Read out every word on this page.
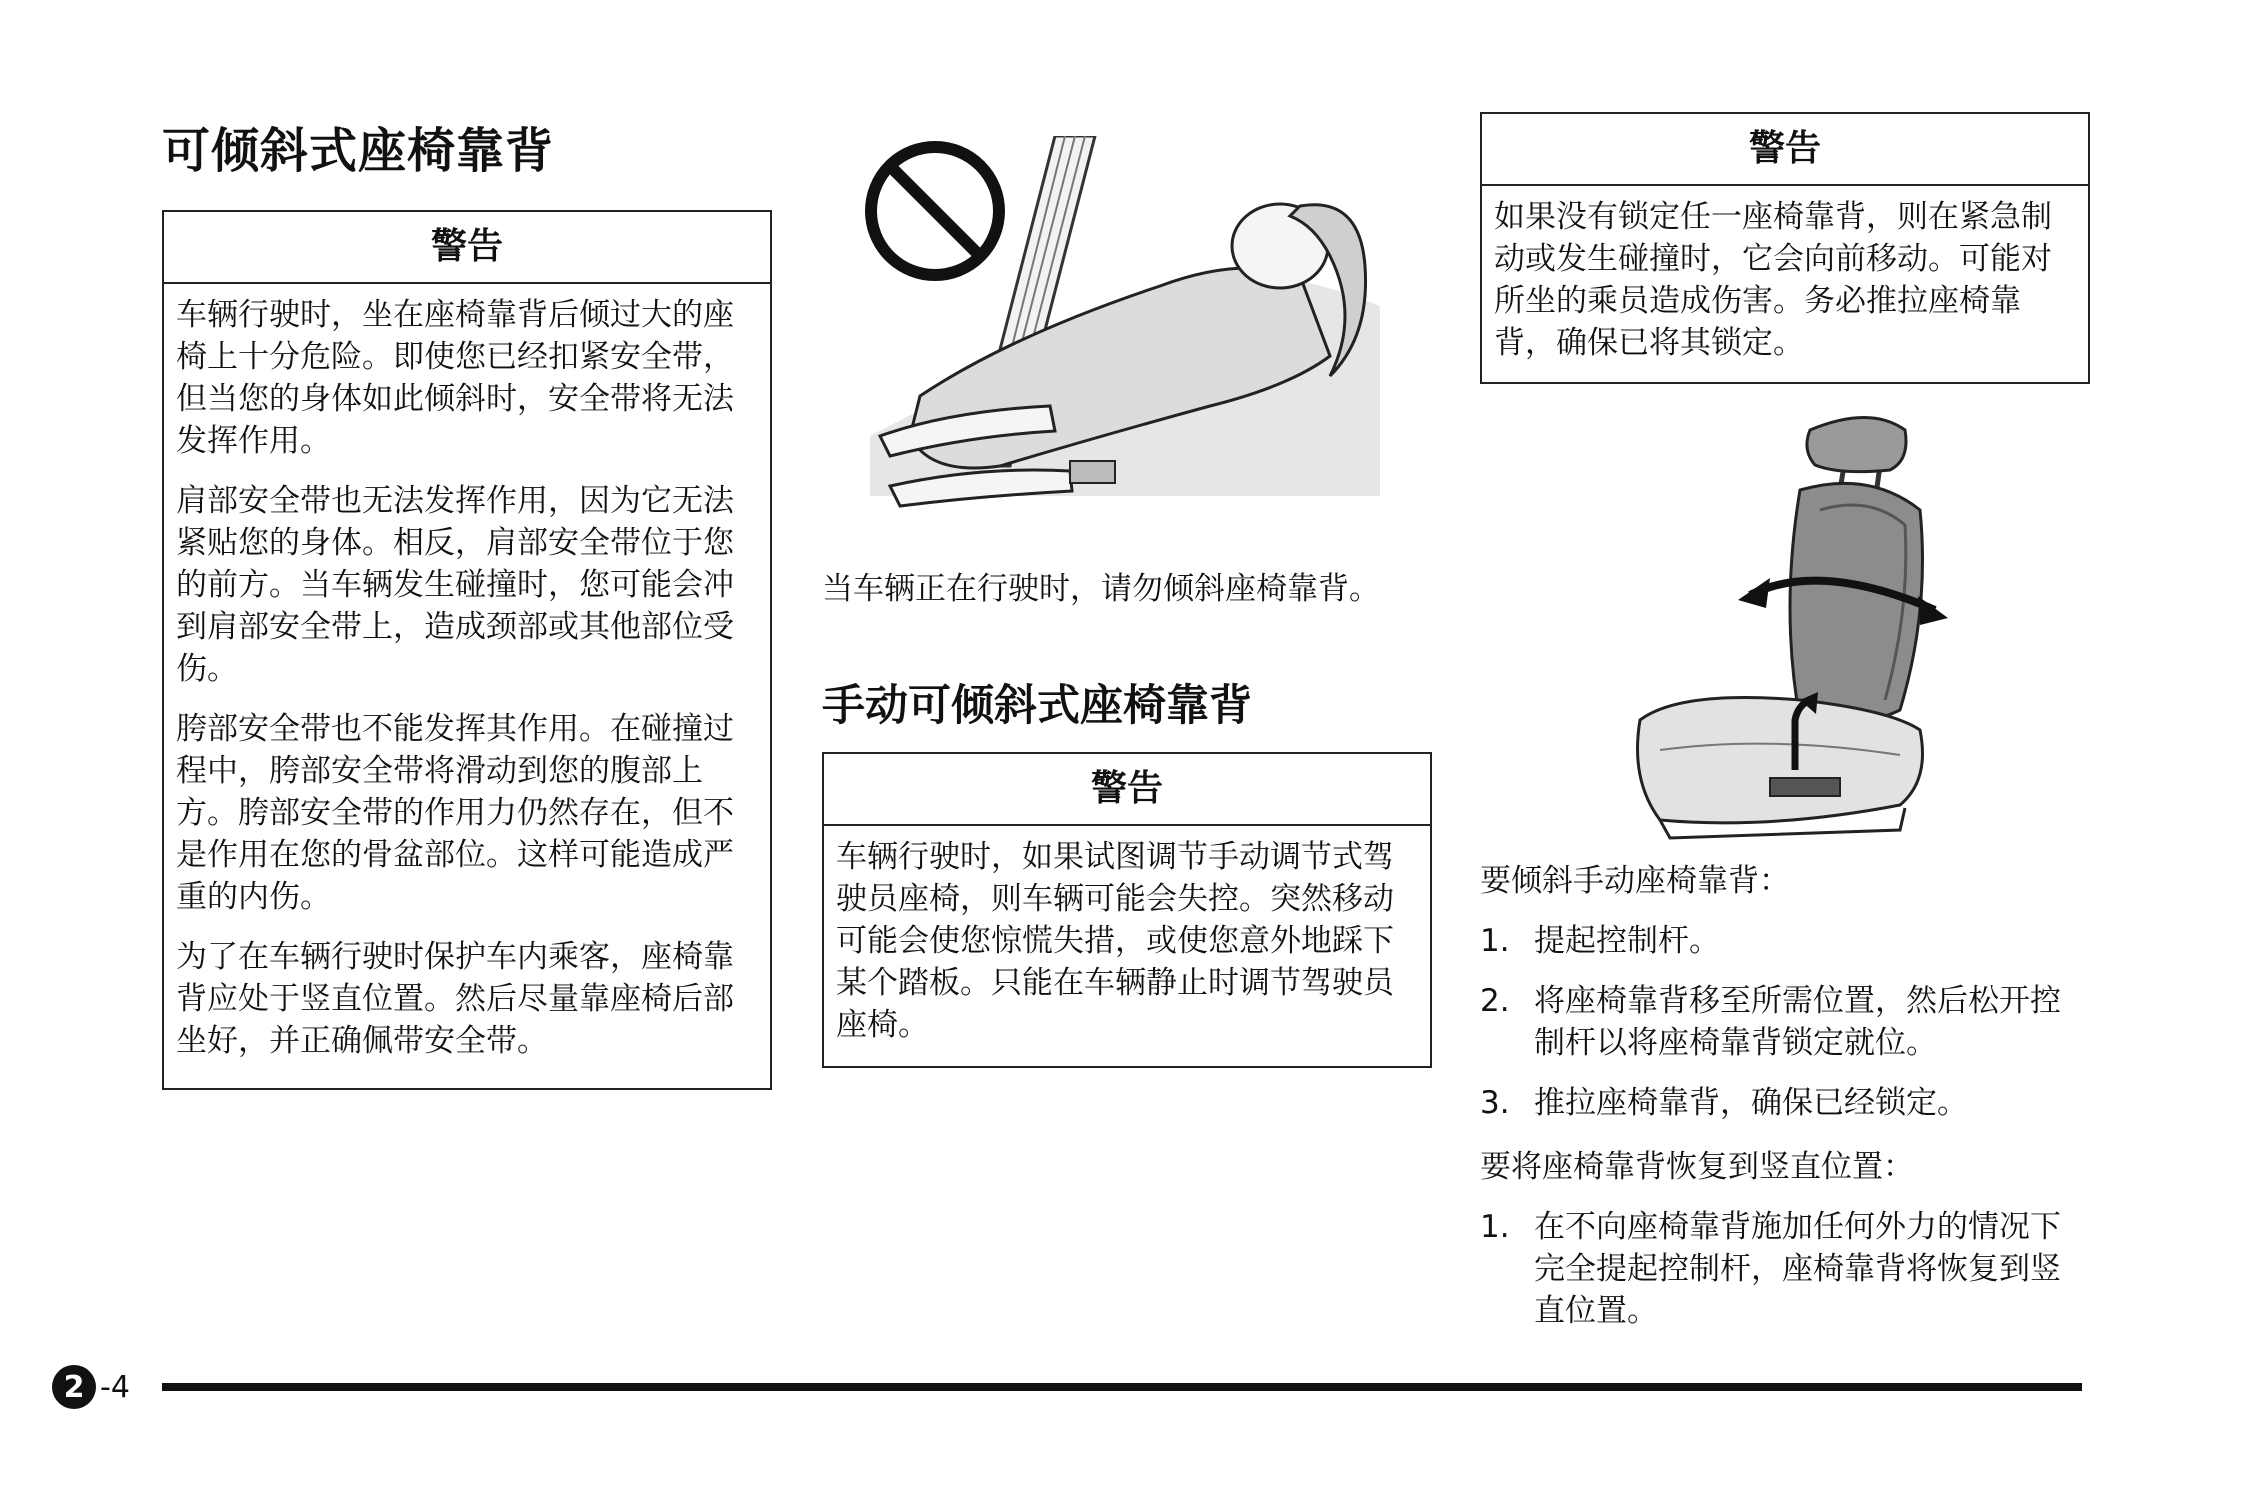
可倾斜式座椅靠背
警告

车辆行驶时，坐在座椅靠背后倾过大的座椅上十分危险。即使您已经扣紧安全带，但当您的身体如此倾斜时，安全带将无法发挥作用。

肩部安全带也无法发挥作用，因为它无法紧贴您的身体。相反，肩部安全带位于您的前方。当车辆发生碰撞时，您可能会冲到肩部安全带上，造成颈部或其他部位受伤。

胯部安全带也不能发挥其作用。在碰撞过程中，胯部安全带将滑动到您的腹部上方。胯部安全带的作用力仍然存在，但不是作用在您的骨盆部位。这样可能造成严重的内伤。

为了在车辆行驶时保护车内乘客，座椅靠背应处于竖直位置。然后尽量靠座椅后部坐好，并正确佩带安全带。

当车辆正在行驶时，请勿倾斜座椅靠背。
手动可倾斜式座椅靠背
警告

车辆行驶时，如果试图调节手动调节式驾驶员座椅，则车辆可能会失控。突然移动可能会使您惊慌失措，或使您意外地踩下某个踏板。只能在车辆静止时调节驾驶员座椅。

警告

如果没有锁定任一座椅靠背，则在紧急制动或发生碰撞时，它会向前移动。可能对所坐的乘员造成伤害。务必推拉座椅靠背，确保已将其锁定。

要倾斜手动座椅靠背：
1. 提起控制杆。
2. 将座椅靠背移至所需位置，然后松开控制杆以将座椅靠背锁定就位。
3. 推拉座椅靠背，确保已经锁定。
要将座椅靠背恢复到竖直位置：
1. 在不向座椅靠背施加任何外力的情况下完全提起控制杆，座椅靠背将恢复到竖直位置。
2 -4
